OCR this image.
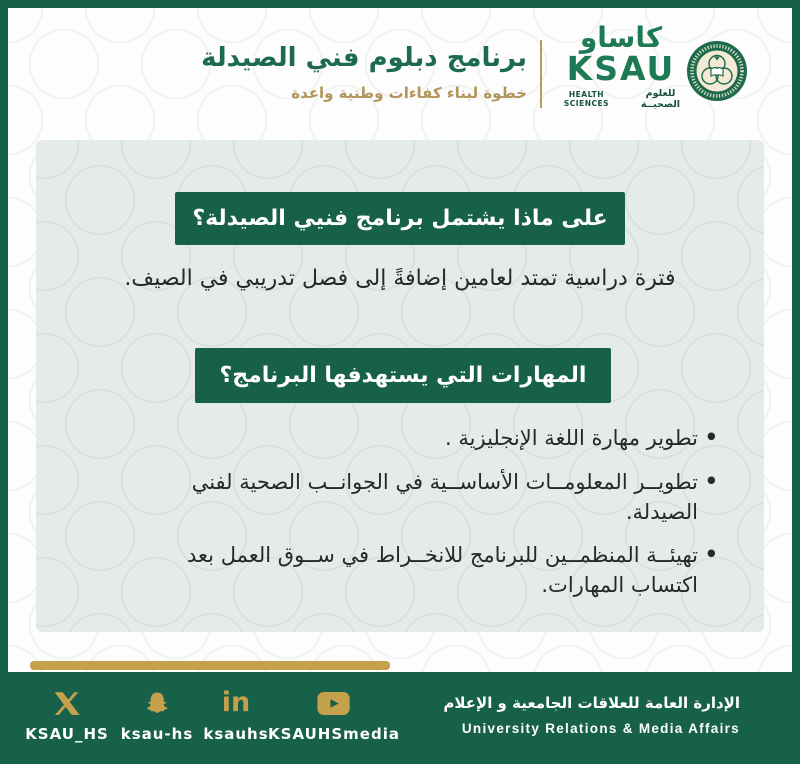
برنامج دبلوم فني الصيدلة
خطوة لبناء كفاءات وطنية واعدة
كاساو
KSAU
HEALTH SCIENCES
للعلوم الصحيــة
على ماذا يشتمل برنامج فنيي الصيدلة؟
فترة دراسية تمتد لعامين إضافةً إلى فصل تدريبي في الصيف.
المهارات التي يستهدفها البرنامج؟
• تطوير مهارة اللغة الإنجليزية .
• تطويــر المعلومــات الأساســية في الجوانــب الصحية لفني الصيدلة.
• تهيئــة المنظمــين للبرنامج للانخــراط في ســوق العمل بعد اكتساب المهارات.
KSAU_HS ksau-hs
in
ksauhs KSAUHSmedia
الإدارة العامة للعلاقات الجامعية و الإعلام
University Relations & Media Affairs
